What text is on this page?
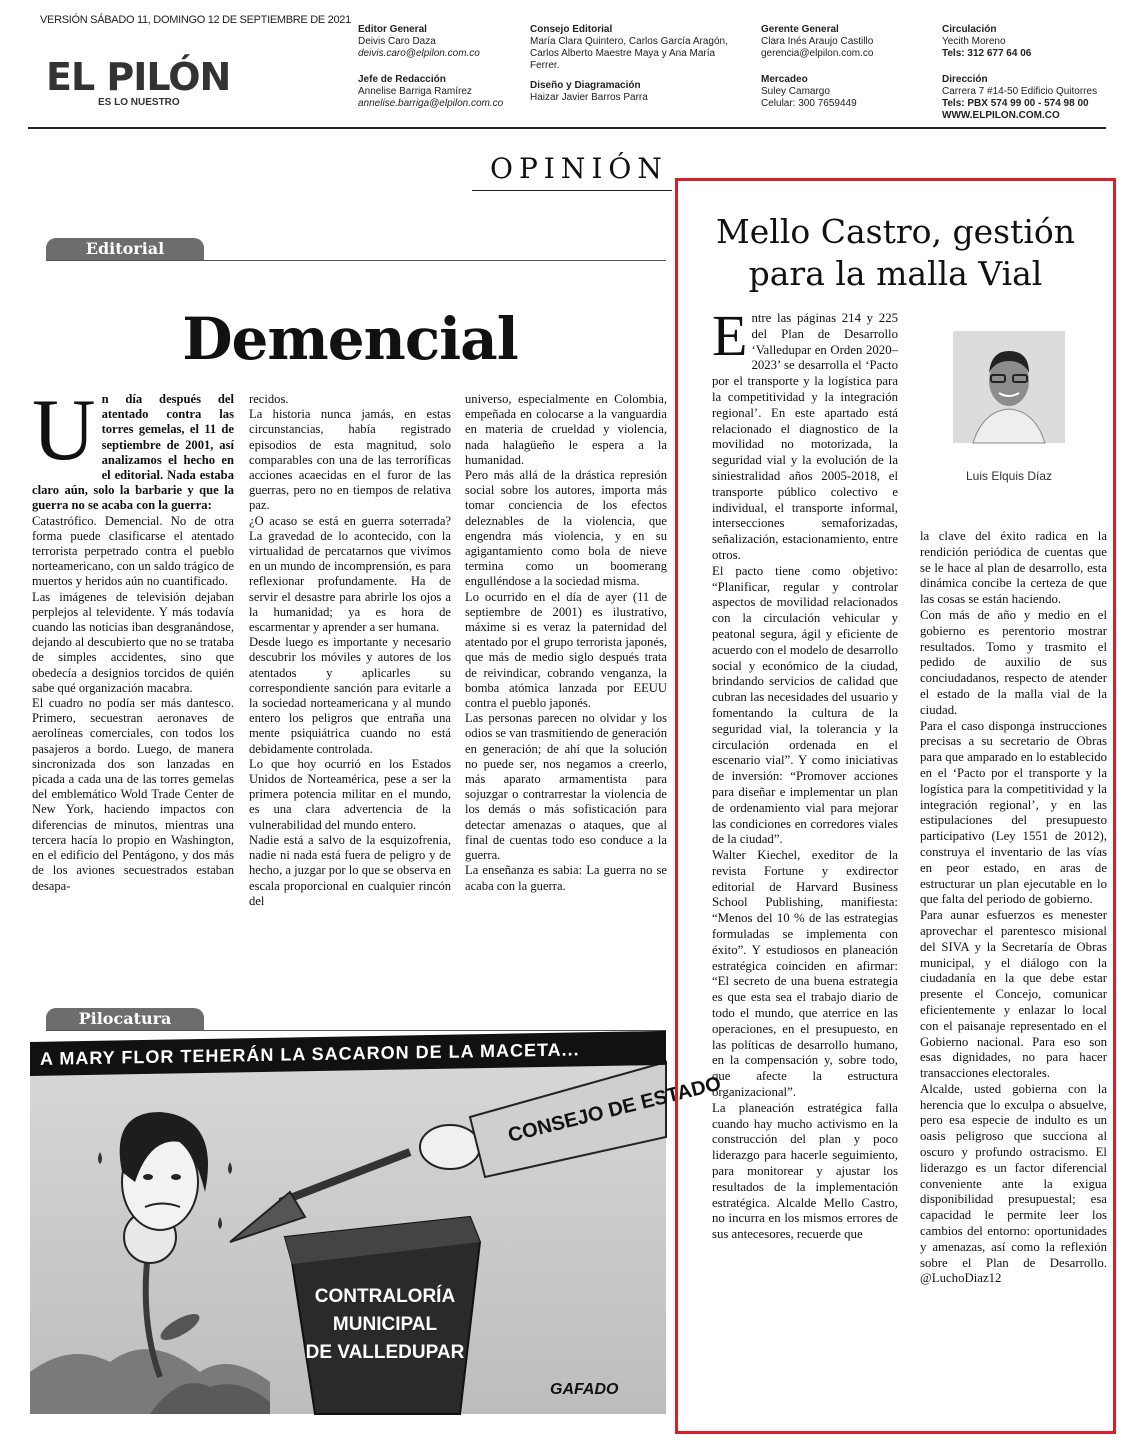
VERSIÓN SÁBADO 11, DOMINGO 12 DE SEPTIEMBRE DE 2021
EL PILÓN
ES LO NUESTRO
Editor General
Deivis Caro Daza
deivis.caro@elpilon.com.co
Jefe de Redacción
Annelise Barriga Ramírez
annelise.barriga@elpilon.com.co
Consejo Editorial
María Clara Quintero, Carlos García Aragón,
Carlos Alberto Maestre Maya y Ana María
Ferrer.
Diseño y Diagramación
Haizar Javier Barros Parra
Gerente General
Clara Inés Araujo Castillo
gerencia@elpilon.com.co
Mercadeo
Suley Camargo
Celular: 300 7659449
Circulación
Yecith Moreno
Tels: 312 677 64 06
Dirección
Carrera 7 #14-50 Edificio Quitorres
Tels: PBX 574 99 00 - 574 98 00
WWW.ELPILON.COM.CO
OPINIÓN
Editorial
Demencial
U n día después del atentado contra las torres gemelas, el 11 de septiembre de 2001, así analizamos el hecho en el editorial. Nada estaba claro aún, solo la barbarie y que la guerra no se acaba con la guerra:

Catastrófico. Demencial. No de otra forma puede clasificarse el atentado terrorista perpetrado contra el pueblo norteamericano, con un saldo trágico de muertos y heridos aún no cuantificado.

Las imágenes de televisión dejaban perplejos al televidente. Y más todavía cuando las noticias iban desgranándose, dejando al descubierto que no se trataba de simples accidentes, sino que obedecía a designios torcidos de quién sabe qué organización macabra.

El cuadro no podía ser más dantesco. Primero, secuestran aeronaves de aerolíneas comerciales, con todos los pasajeros a bordo. Luego, de manera sincronizada dos son lanzadas en picada a cada una de las torres gemelas del emblemático Wold Trade Center de New York, haciendo impactos con diferencias de minutos, mientras una tercera hacía lo propio en Washington, en el edificio del Pentágono, y dos más de los aviones secuestrados estaban desapa-

recidos.

La historia nunca jamás, en estas circunstancias, había registrado episodios de esta magnitud, solo comparables con una de las terroríficas acciones acaecidas en el furor de las guerras, pero no en tiempos de relativa paz.

¿O acaso se está en guerra soterrada? La gravedad de lo acontecido, con la virtualidad de percatarnos que vivimos en un mundo de incomprensión, es para reflexionar profundamente. Ha de servir el desastre para abrirle los ojos a la humanidad; ya es hora de escarmentar y aprender a ser humana.

Desde luego es importante y necesario descubrir los móviles y autores de los atentados y aplicarles su correspondiente sanción para evitarle a la sociedad norteamericana y al mundo entero los peligros que entraña una mente psiquiátrica cuando no está debidamente controlada.

Lo que hoy ocurrió en los Estados Unidos de Norteamérica, pese a ser la primera potencia militar en el mundo, es una clara advertencia de la vulnerabilidad del mundo entero.

Nadie está a salvo de la esquizofrenia, nadie ni nada está fuera de peligro y de hecho, a juzgar por lo que se observa en escala proporcional en cualquier rincón del

universo, especialmente en Colombia, empeñada en colocarse a la vanguardia en materia de crueldad y violencia, nada halagüeño le espera a la humanidad.

Pero más allá de la drástica represión social sobre los autores, importa más tomar conciencia de los efectos deleznables de la violencia, que engendra más violencia, y en su agigantamiento como bola de nieve termina como un boomerang engulléndose a la sociedad misma.

Lo ocurrido en el día de ayer (11 de septiembre de 2001) es ilustrativo, máxime si es veraz la paternidad del atentado por el grupo terrorista japonés, que más de medio siglo después trata de reivindicar, cobrando venganza, la bomba atómica lanzada por EEUU contra el pueblo japonés.

Las personas parecen no olvidar y los odios se van trasmitiendo de generación en generación; de ahí que la solución no puede ser, nos negamos a creerlo, más aparato armamentista para sojuzgar o contrarrestar la violencia de los demás o más sofisticación para detectar amenazas o ataques, que al final de cuentas todo eso conduce a la guerra.

La enseñanza es sabia: La guerra no se acaba con la guerra.

Pilocatura
CONSEJO DE ESTADO
CONTRALORÍA
MUNICIPAL
DE VALLEDUPAR
GAFADO
A MARY FLOR TEHERÁN LA SACARON DE LA MACETA...
Mello Castro, gestión
para la malla Vial
Luis Elquis Díaz
E ntre las páginas 214 y 225 del Plan de Desarrollo ‘Valledupar en Orden 2020–2023’ se desarrolla el ‘Pacto por el transporte y la logística para la competitividad y la integración regional’. En este apartado está relacionado el diagnostico de la movilidad no motorizada, la seguridad vial y la evolución de la siniestralidad años 2005-2018, el transporte público colectivo e individual, el transporte informal, intersecciones semaforizadas, señalización, estacionamiento, entre otros.

El pacto tiene como objetivo: “Planificar, regular y controlar aspectos de movilidad relacionados con la circulación vehicular y peatonal segura, ágil y eficiente de acuerdo con el modelo de desarrollo social y económico de la ciudad, brindando servicios de calidad que cubran las necesidades del usuario y fomentando la cultura de la seguridad vial, la tolerancia y la circulación ordenada en el escenario vial”. Y como iniciativas de inversión: “Promover acciones para diseñar e implementar un plan de ordenamiento vial para mejorar las condiciones en corredores viales de la ciudad”.

Walter Kiechel, exeditor de la revista Fortune y exdirector editorial de Harvard Business School Publishing, manifiesta: “Menos del 10 % de las estrategias formuladas se implementa con éxito”. Y estudiosos en planeación estratégica coinciden en afirmar: “El secreto de una buena estrategia es que esta sea el trabajo diario de todo el mundo, que aterrice en las operaciones, en el presupuesto, en las políticas de desarrollo humano, en la compensación y, sobre todo, que afecte la estructura organizacional”.

La planeación estratégica falla cuando hay mucho activismo en la construcción del plan y poco liderazgo para hacerle seguimiento, para monitorear y ajustar los resultados de la implementación estratégica. Alcalde Mello Castro, no incurra en los mismos errores de sus antecesores, recuerde que

la clave del éxito radica en la rendición periódica de cuentas que se le hace al plan de desarrollo, esta dinámica concibe la certeza de que las cosas se están haciendo.

Con más de año y medio en el gobierno es perentorio mostrar resultados. Tomo y trasmito el pedido de auxilio de sus conciudadanos, respecto de atender el estado de la malla vial de la ciudad.

Para el caso disponga instrucciones precisas a su secretario de Obras para que amparado en lo establecido en el ‘Pacto por el transporte y la logística para la competitividad y la integración regional’, y en las estipulaciones del presupuesto participativo (Ley 1551 de 2012), construya el inventario de las vías en peor estado, en aras de estructurar un plan ejecutable en lo que falta del periodo de gobierno.

Para aunar esfuerzos es menester aprovechar el parentesco misional del SIVA y la Secretaría de Obras municipal, y el diálogo con la ciudadanía en la que debe estar presente el Concejo, comunicar eficientemente y enlazar lo local con el paisanaje representado en el Gobierno nacional. Para eso son esas dignidades, no para hacer transacciones electorales.

Alcalde, usted gobierna con la herencia que lo exculpa o absuelve, pero esa especie de indulto es un oasis peligroso que succiona al oscuro y profundo ostracismo. El liderazgo es un factor diferencial conveniente ante la exigua disponibilidad presupuestal; esa capacidad le permite leer los cambios del entorno: oportunidades y amenazas, así como la reflexión sobre el Plan de Desarrollo. @LuchoDiaz12
